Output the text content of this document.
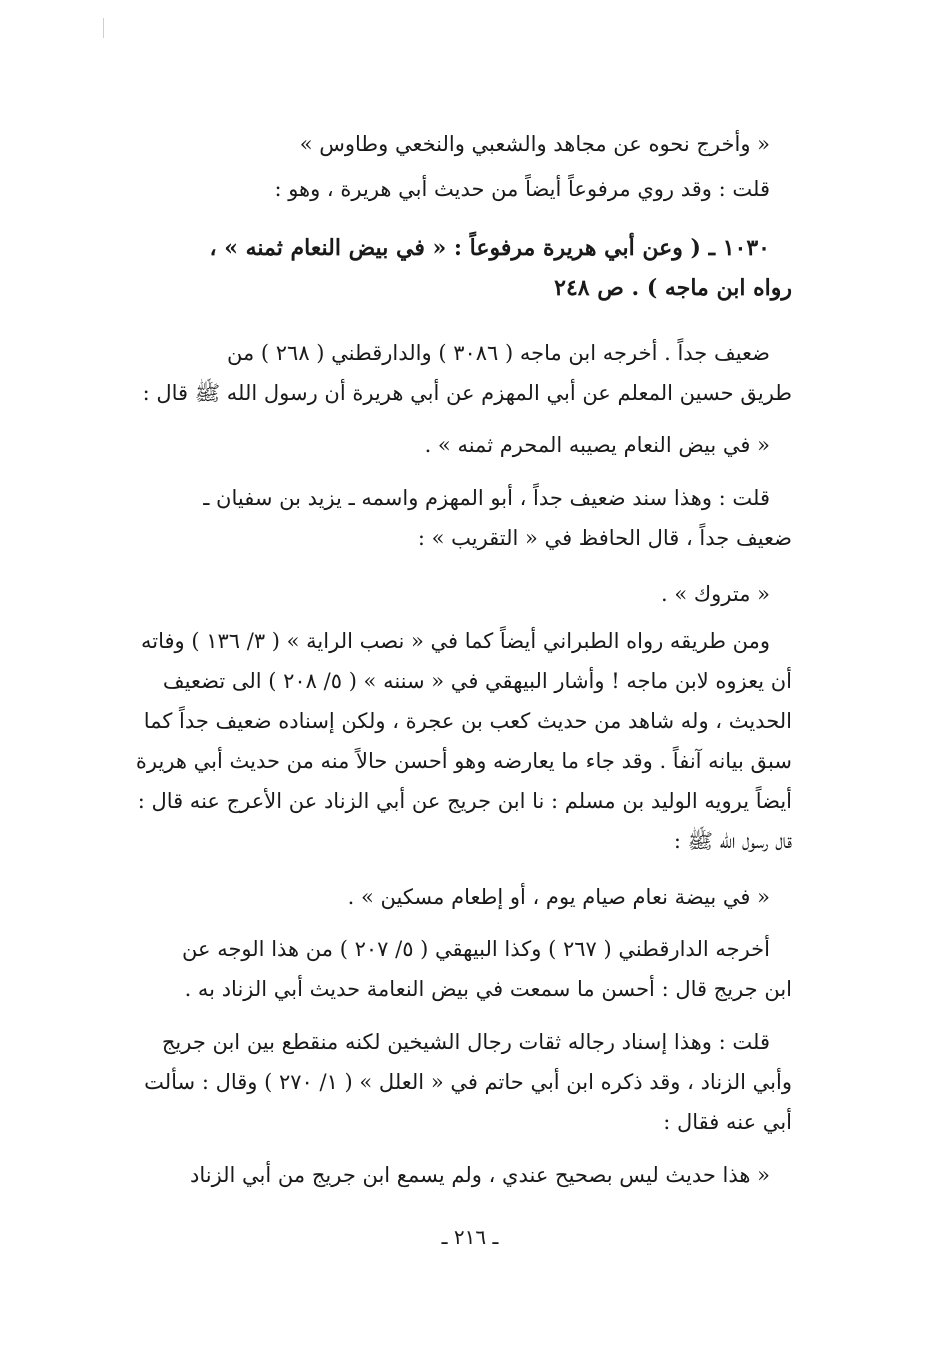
« وأخرج نحوه عن مجاهد والشعبي والنخعي وطاوس »
قلت : وقد روي مرفوعاً أيضاً من حديث أبي هريرة ، وهو :
١٠٣٠ ـ ( وعن أبي هريرة مرفوعاً : « في بيض النعام ثمنه » ،
رواه ابن ماجه ) . ص ٢٤٨
ضعيف جداً . أخرجه ابن ماجه ( ٣٠٨٦ ) والدارقطني ( ٢٦٨ ) من
طريق حسين المعلم عن أبي المهزم عن أبي هريرة أن رسول الله ﷺ قال :
« في بيض النعام يصيبه المحرم ثمنه » .
قلت : وهذا سند ضعيف جداً ، أبو المهزم واسمه ـ يزيد بن سفيان ـ
ضعيف جداً ، قال الحافظ في « التقريب » :
« متروك » .
ومن طريقه رواه الطبراني أيضاً كما في « نصب الراية » ( ٣/ ١٣٦ ) وفاته
أن يعزوه لابن ماجه ! وأشار البيهقي في « سننه » ( ٥/ ٢٠٨ ) الى تضعيف
الحديث ، وله شاهد من حديث كعب بن عجرة ، ولكن إسناده ضعيف جداً كما
سبق بيانه آنفاً . وقد جاء ما يعارضه وهو أحسن حالاً منه من حديث أبي هريرة
أيضاً يرويه الوليد بن مسلم : نا ابن جريج عن أبي الزناد عن الأعرج عنه قال :
قال رسول الله ﷺ :
« في بيضة نعام صيام يوم ، أو إطعام مسكين » .
أخرجه الدارقطني ( ٢٦٧ ) وكذا البيهقي ( ٥/ ٢٠٧ ) من هذا الوجه عن
ابن جريج قال : أحسن ما سمعت في بيض النعامة حديث أبي الزناد به .
قلت : وهذا إسناد رجاله ثقات رجال الشيخين لكنه منقطع بين ابن جريج
وأبي الزناد ، وقد ذكره ابن أبي حاتم في « العلل » ( ١/ ٢٧٠ ) وقال : سألت
أبي عنه فقال :
« هذا حديث ليس بصحيح عندي ، ولم يسمع ابن جريج من أبي الزناد
ـ ٢١٦ ـ
